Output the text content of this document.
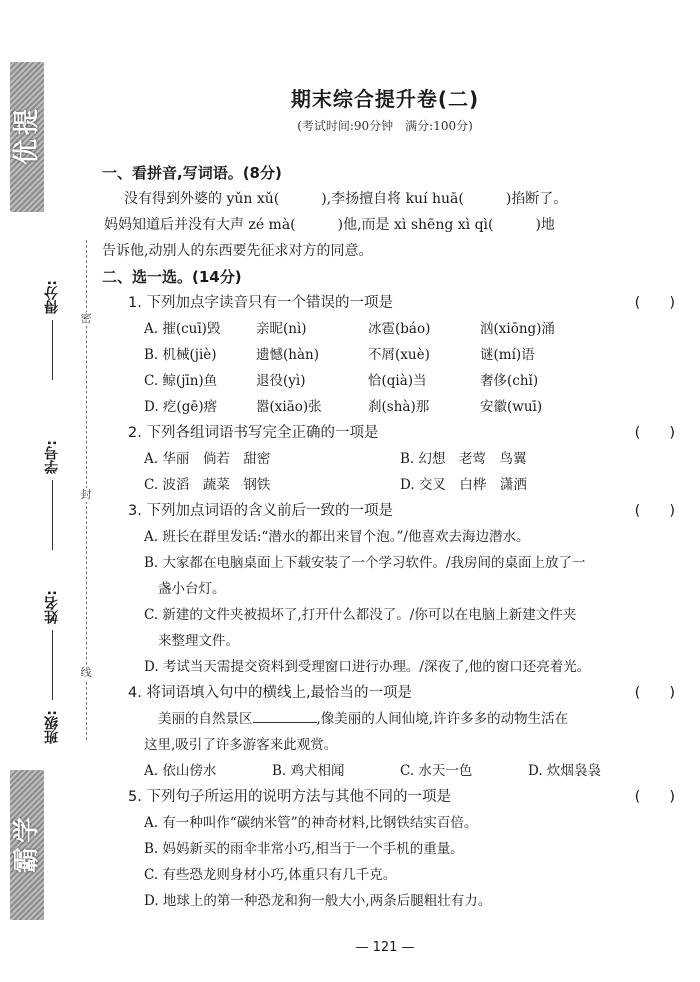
提
优
得分:
学号:
姓名:
班级:
密
封
线
学
霸
期末综合提升卷(二)
(考试时间:90分钟　满分:100分)
一、看拼音,写词语。(8分)
没有得到外婆的 yǔn xǔ(　　　),李扬擅自将 kuí huā(　　　)掐断了。
妈妈知道后并没有大声 zé mà(　　　)他,而是 xì shēng xì qì(　　　)地
告诉他,动别人的东西要先征求对方的同意。
二、选一选。(14分)
1. 下列加点字读音只有一个错误的一项是	(　　)
A. 摧(cuī)毁	亲昵(nì)	冰雹(báo)	汹(xiōng)涌
B. 机械(jiè)	遗憾(hàn)	不屑(xuè)	谜(mí)语
C. 鲸(jīn)鱼	退役(yì)	恰(qià)当	奢侈(chǐ)
D. 疙(gē)瘩	嚣(xiāo)张	刹(shà)那	安徽(wuī)
2. 下列各组词语书写完全正确的一项是	(　　)
A. 华丽　倘若　甜密	B. 幻想　老莺　鸟翼
C. 波滔　蔬菜　钢铁	D. 交叉　白桦　潇洒
3. 下列加点词语的含义前后一致的一项是	(　　)
A. 班长在群里发话:“潜水的都出来冒个泡。”/他喜欢去海边潜水。
B. 大家都在电脑桌面上下载安装了一个学习软件。/我房间的桌面上放了一
盏小台灯。
C. 新建的文件夹被损坏了,打开什么都没了。/你可以在电脑上新建文件夹
来整理文件。
D. 考试当天需提交资料到受理窗口进行办理。/深夜了,他的窗口还亮着光。
4. 将词语填入句中的横线上,最恰当的一项是	(　　)
美丽的自然景区	,像美丽的人间仙境,许许多多的动物生活在
这里,吸引了许多游客来此观赏。
A. 依山傍水	B. 鸡犬相闻	C. 水天一色	D. 炊烟袅袅
5. 下列句子所运用的说明方法与其他不同的一项是	(　　)
A. 有一种叫作“碳纳米管”的神奇材料,比钢铁结实百倍。
B. 妈妈新买的雨伞非常小巧,相当于一个手机的重量。
C. 有些恐龙则身材小巧,体重只有几千克。
D. 地球上的第一种恐龙和狗一般大小,两条后腿粗壮有力。
— 121 —
